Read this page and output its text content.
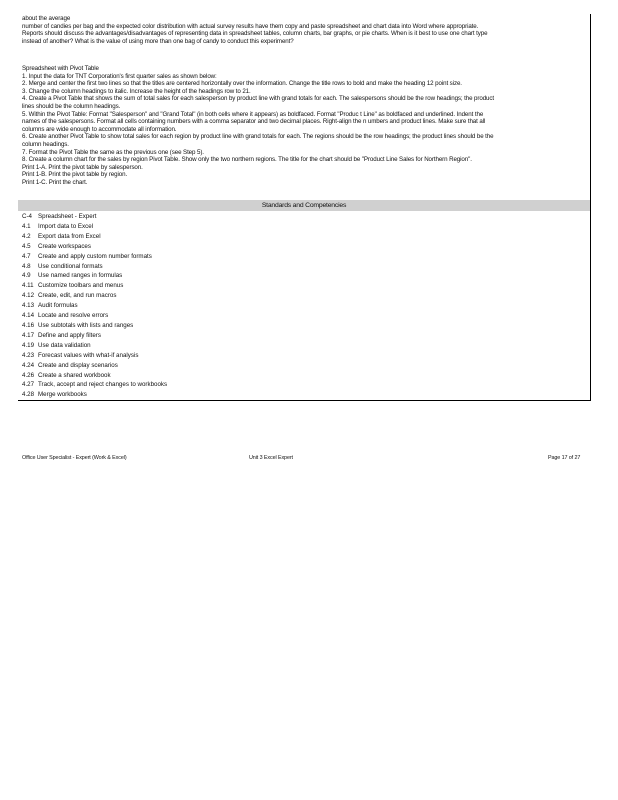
about the average
number of candies per bag and the expected color distribution with actual survey results have them copy and paste spreadsheet and chart data into Word where appropriate.
Reports should discuss the advantages/disadvantages of representing data in spreadsheet tables, column charts, bar graphs, or pie charts. When is it best to use one chart type
instead of another? What is the value of using more than one bag of candy to conduct this experiment?
Spreadsheet with Pivot Table
1. Input the data for TNT Corporation's first quarter sales as shown below:
2. Merge and center the first two lines so that the titles are centered horizontally over the information. Change the title rows to bold and make the heading 12 point size.
3. Change the column headings to italic. Increase the height of the headings row to 21.
4. Create a Pivot Table that shows the sum of total sales for each salesperson by product line with grand totals for each. The salespersons should be the row headings; the product
lines should be the column headings.
5. Within the Pivot Table: Format "Salesperson" and "Grand Total" (in both cells where it appears) as boldfaced. Format "Produc t Line" as boldfaced and underlined. Indent the
names of the salespersons. Format all cells containing numbers with a comma separator and two decimal places. Right-align the n umbers and product lines. Make sure that all
columns are wide enough to accommodate all information.
6. Create another Pivot Table to show total sales for each region by product line with grand totals for each. The regions should be the row headings; the product lines should be the
column headings.
7. Format the Pivot Table the same as the previous one (see Step 5).
8. Create a column chart for the sales by region Pivot Table. Show only the two northern regions. The title for the chart should be "Product Line Sales for Northern Region".
Print 1-A. Print the pivot table by salesperson.
Print 1-B. Print the pivot table by region.
Print 1-C. Print the chart.
Standards and Competencies
C-4 Spreadsheet - Expert
4.1 Import data to Excel
4.2 Export data from Excel
4.5 Create workspaces
4.7 Create and apply custom number formats
4.8 Use conditional formats
4.9 Use named ranges in formulas
4.11 Customize toolbars and menus
4.12 Create, edit, and run macros
4.13 Audit formulas
4.14 Locate and resolve errors
4.16 Use subtotals with lists and ranges
4.17 Define and apply filters
4.19 Use data validation
4.23 Forecast values with what-if analysis
4.24 Create and display scenarios
4.26 Create a shared workbook
4.27 Track, accept and reject changes to workbooks
4.28 Merge workbooks
Office User Specialist - Expert (Work & Excel)	Unit 3 Excel Expert	Page 17 of 27
